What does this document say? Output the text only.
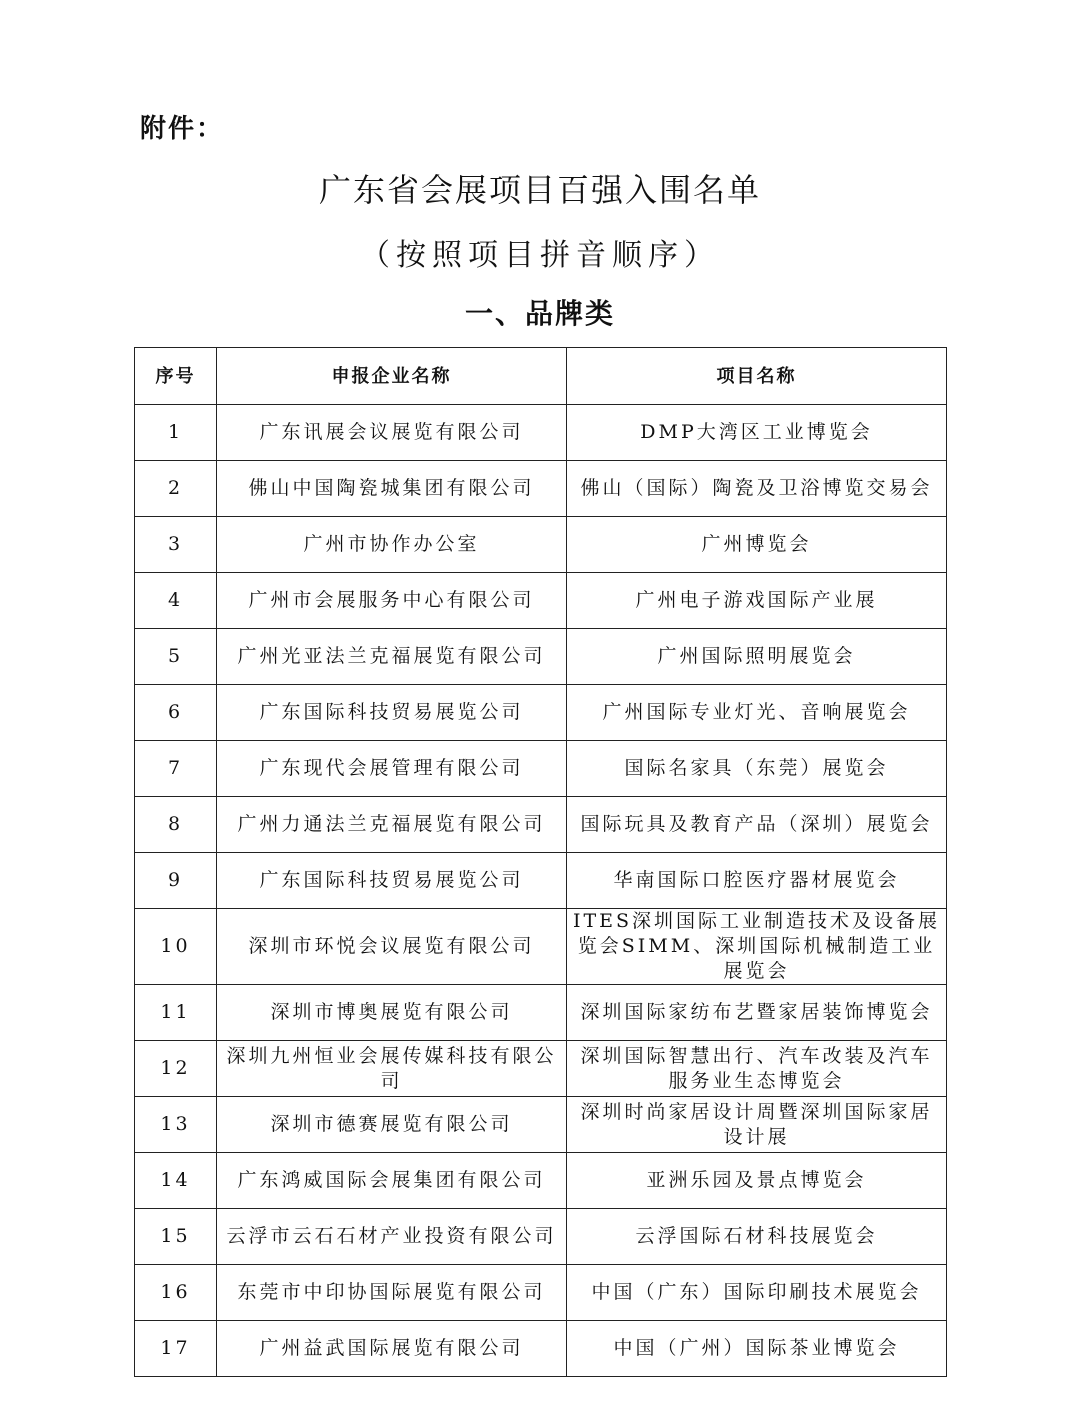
附件：
广东省会展项目百强入围名单
（按照项目拼音顺序）
一、品牌类
序号	申报企业名称	项目名称
1	广东讯展会议展览有限公司	DMP大湾区工业博览会
2	佛山中国陶瓷城集团有限公司	佛山（国际）陶瓷及卫浴博览交易会
3	广州市协作办公室	广州博览会
4	广州市会展服务中心有限公司	广州电子游戏国际产业展
5	广州光亚法兰克福展览有限公司	广州国际照明展览会
6	广东国际科技贸易展览公司	广州国际专业灯光、音响展览会
7	广东现代会展管理有限公司	国际名家具（东莞）展览会
8	广州力通法兰克福展览有限公司	国际玩具及教育产品（深圳）展览会
9	广东国际科技贸易展览公司	华南国际口腔医疗器材展览会
10	深圳市环悦会议展览有限公司	ITES深圳国际工业制造技术及设备展览会SIMM、深圳国际机械制造工业展览会
11	深圳市博奥展览有限公司	深圳国际家纺布艺暨家居装饰博览会
12	深圳九州恒业会展传媒科技有限公司	深圳国际智慧出行、汽车改装及汽车服务业生态博览会
13	深圳市德赛展览有限公司	深圳时尚家居设计周暨深圳国际家居设计展
14	广东鸿威国际会展集团有限公司	亚洲乐园及景点博览会
15	云浮市云石石材产业投资有限公司	云浮国际石材科技展览会
16	东莞市中印协国际展览有限公司	中国（广东）国际印刷技术展览会
17	广州益武国际展览有限公司	中国（广州）国际茶业博览会
